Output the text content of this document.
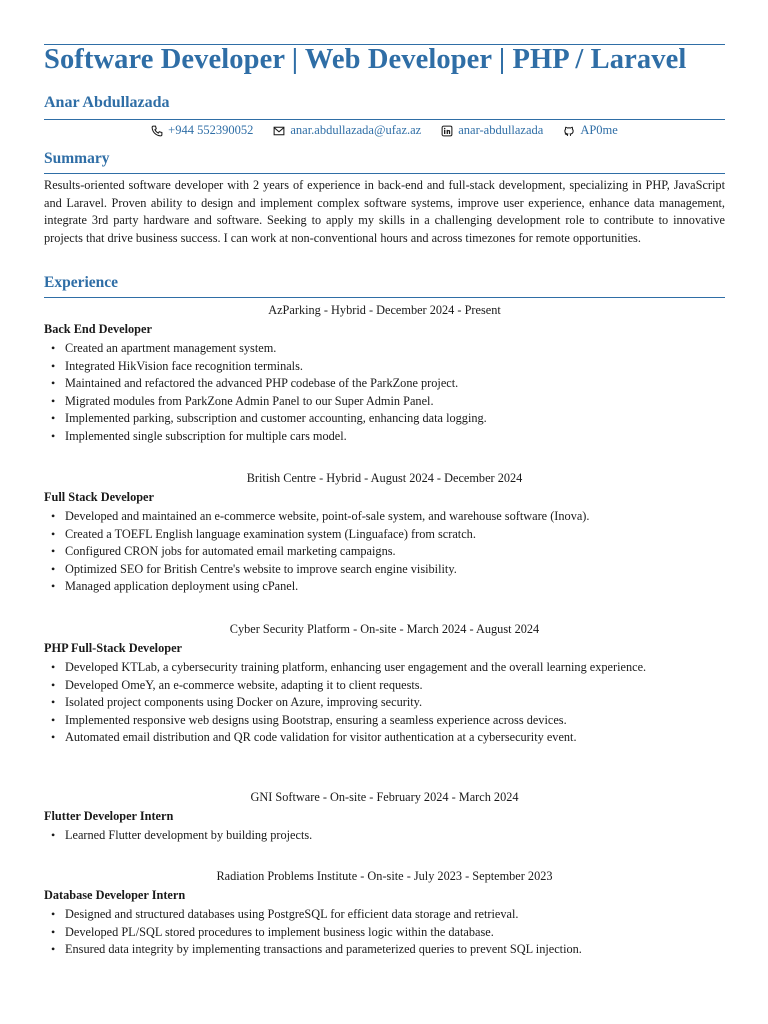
Software Developer | Web Developer | PHP / Laravel
Anar Abdullazada
+944 552390052	anar.abdullazada@ufaz.az	anar-abdullazada	AP0me
Summary
Results-oriented software developer with 2 years of experience in back-end and full-stack development, specializing in PHP, JavaScript and Laravel. Proven ability to design and implement complex software systems, improve user experience, enhance data management, integrate 3rd party hardware and software. Seeking to apply my skills in a challenging development role to contribute to innovative projects that drive business success. I can work at non-conventional hours and across timezones for remote opportunities.
Experience
AzParking - Hybrid - December 2024 - Present
Back End Developer
• Created an apartment management system.
• Integrated HikVision face recognition terminals.
• Maintained and refactored the advanced PHP codebase of the ParkZone project.
• Migrated modules from ParkZone Admin Panel to our Super Admin Panel.
• Implemented parking, subscription and customer accounting, enhancing data logging.
• Implemented single subscription for multiple cars model.
British Centre - Hybrid - August 2024 - December 2024
Full Stack Developer
• Developed and maintained an e-commerce website, point-of-sale system, and warehouse software (Inova).
• Created a TOEFL English language examination system (Linguaface) from scratch.
• Configured CRON jobs for automated email marketing campaigns.
• Optimized SEO for British Centre's website to improve search engine visibility.
• Managed application deployment using cPanel.
Cyber Security Platform - On-site - March 2024 - August 2024
PHP Full-Stack Developer
• Developed KTLab, a cybersecurity training platform, enhancing user engagement and the overall learning experience.
• Developed OmeY, an e-commerce website, adapting it to client requests.
• Isolated project components using Docker on Azure, improving security.
• Implemented responsive web designs using Bootstrap, ensuring a seamless experience across devices.
• Automated email distribution and QR code validation for visitor authentication at a cybersecurity event.
GNI Software - On-site - February 2024 - March 2024
Flutter Developer Intern
• Learned Flutter development by building projects.
Radiation Problems Institute - On-site - July 2023 - September 2023
Database Developer Intern
• Designed and structured databases using PostgreSQL for efficient data storage and retrieval.
• Developed PL/SQL stored procedures to implement business logic within the database.
• Ensured data integrity by implementing transactions and parameterized queries to prevent SQL injection.
